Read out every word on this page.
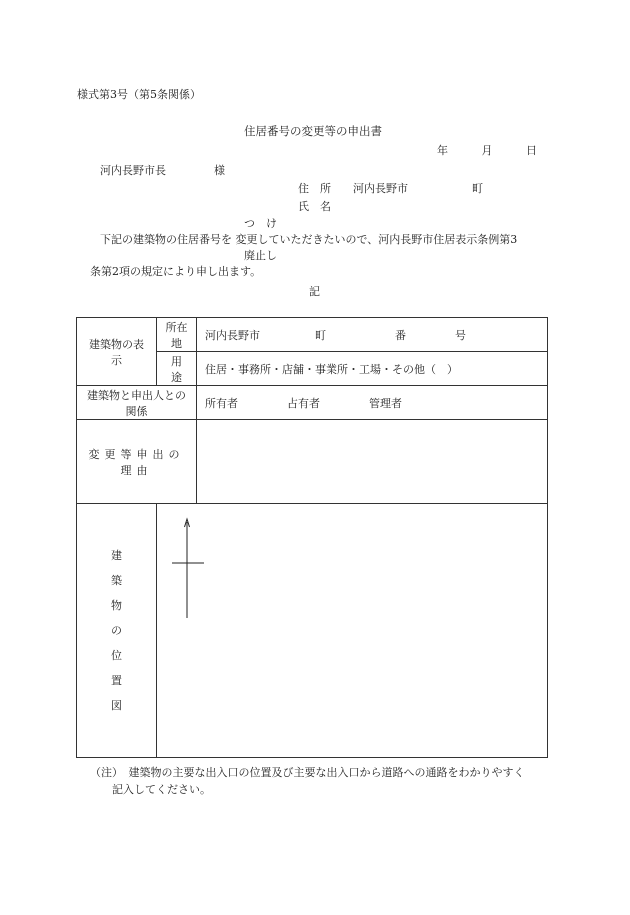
様式第3号（第5条関係）
住居番号の変更等の申出書
年	月	日
河内長野市長	様
住　所 河内長野市	町
氏　名
つ　け
下記の建築物の住居番号を 変更していただきたいので、河内長野市住居表示条例第3
廃止し
条第2項の規定により申し出ます。
記
建築物の表示	所在地	河内長野市 町 番 号

	用　途	住居・事務所・店舗・事業所・工場・その他（　）
建築物と申出人との関係		所有者 占有者 管理者

変更等申出の理由		

建築物の位置図

（注）　建築物の主要な出入口の位置及び主要な出入口から道路への通路をわかりやすく
記入してください。
